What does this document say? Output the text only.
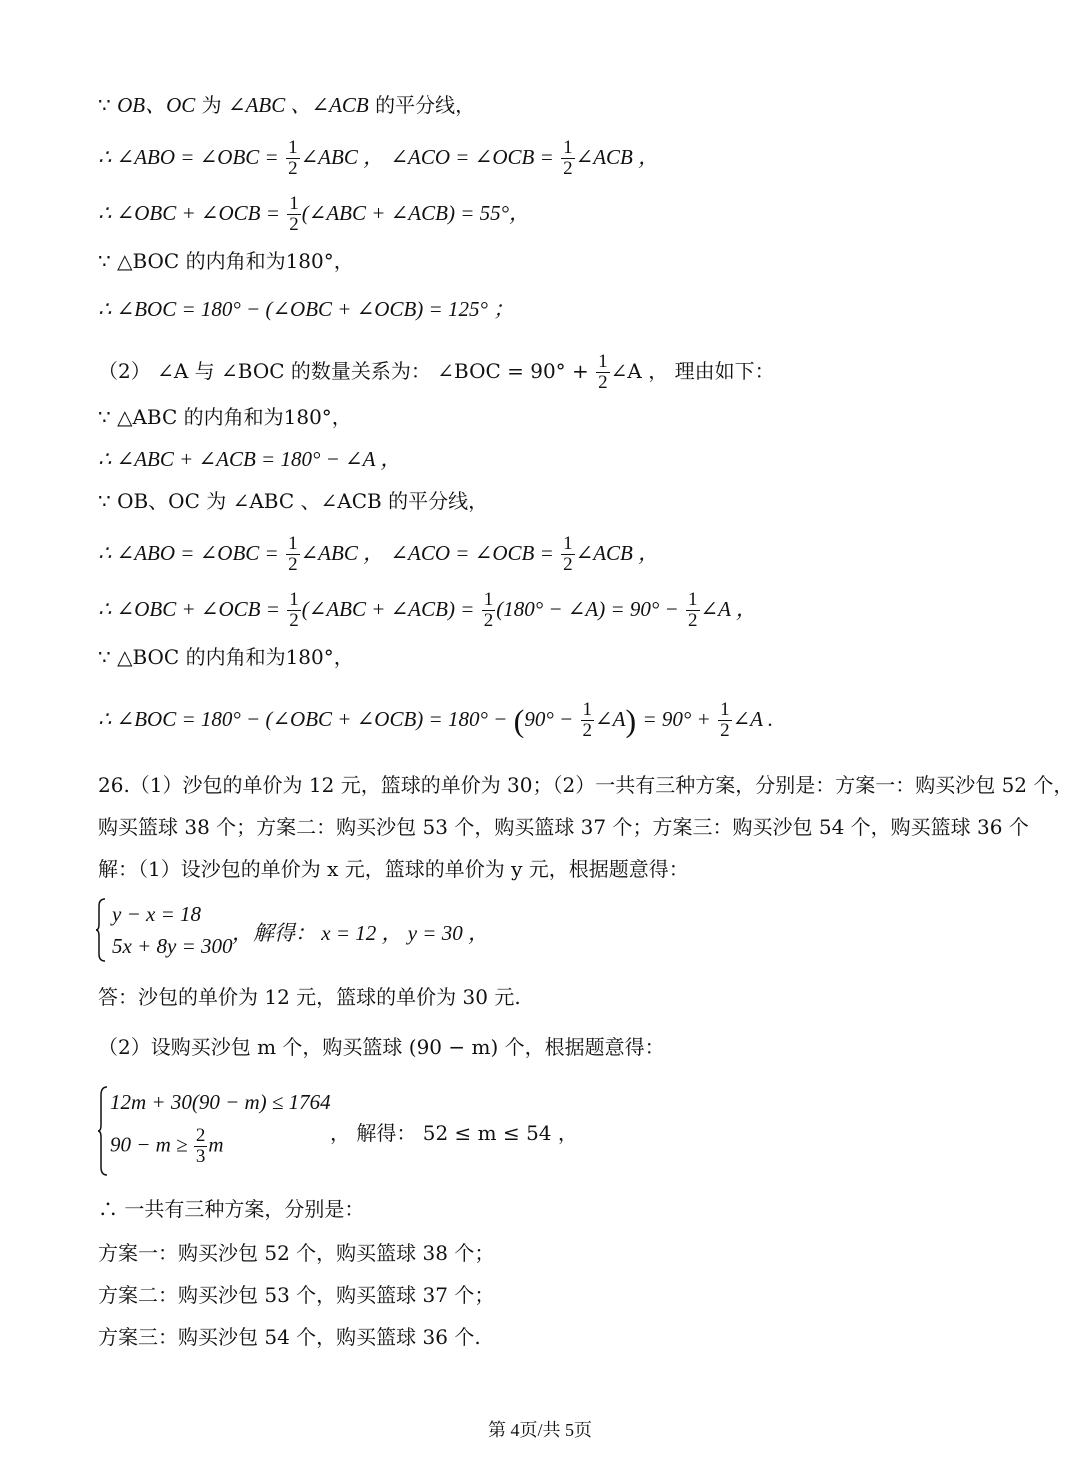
∵ OB、OC 为 ∠ABC 、∠ACB 的平分线，
∴ ∠ABO = ∠OBC = $\frac{1}{2}$ ∠ABC ， ∠ACO = ∠OCB = $\frac{1}{2}$ ∠ACB ，
∴ ∠OBC + ∠OCB = $\frac{1}{2}$ (∠ABC + ∠ACB) = 55°，
∵ △BOC 的内角和为180°，
∴ ∠BOC = 180° − (∠OBC + ∠OCB) = 125° ；
（2） ∠A 与 ∠BOC 的数量关系为： ∠BOC = $90^\circ + \frac{1}{2}$ ∠A ， 理由如下：
∵ △ABC 的内角和为180°，
∴ ∠ABC + ∠ACB = 180° − ∠A ，
∵ OB、OC 为 ∠ABC 、∠ACB 的平分线，
∴ ∠ABO = ∠OBC = $\frac{1}{2}$ ∠ABC ， ∠ACO = ∠OCB = $\frac{1}{2}$ ∠ACB ，
∴ ∠OBC + ∠OCB = $\frac{1}{2}$ (∠ABC + ∠ACB) = $\frac{1}{2} (180^\circ$ − ∠A) = $90^\circ - \frac{1}{2}$ ∠A ，
∵ △BOC 的内角和为180°，
∴ ∠BOC = 180° − (∠OBC + ∠OCB) = $180^\circ - (90^\circ - \frac{1}{2}$ ∠A) = $90^\circ + \frac{1}{2}$ ∠A .
26.（1）沙包的单价为 12 元，篮球的单价为 30；（2）一共有三种方案，分别是：方案一：购买沙包 52 个，
购买篮球 38 个；方案二：购买沙包 53 个，购买篮球 37 个；方案三：购买沙包 54 个，购买篮球 36 个
解：（1）设沙包的单价为 x 元，篮球的单价为 y 元，根据题意得：
y − x = 18
5x + 8y = 300
，解得： x = 12 ， y = 30 ，
答：沙包的单价为 12 元，篮球的单价为 30 元.
（2）设购买沙包 m 个，购买篮球 (90 − m) 个，根据题意得：
12m + 30(90 − m) ≤ 1764
$90 - m \ge \frac{2}{3}$ m	， 解得： 52 ≤ m ≤ 54 ，
∴ 一共有三种方案，分别是：
方案一：购买沙包 52 个，购买篮球 38 个；
方案二：购买沙包 53 个，购买篮球 37 个；
方案三：购买沙包 54 个，购买篮球 36 个.
第 4页/共 5页
